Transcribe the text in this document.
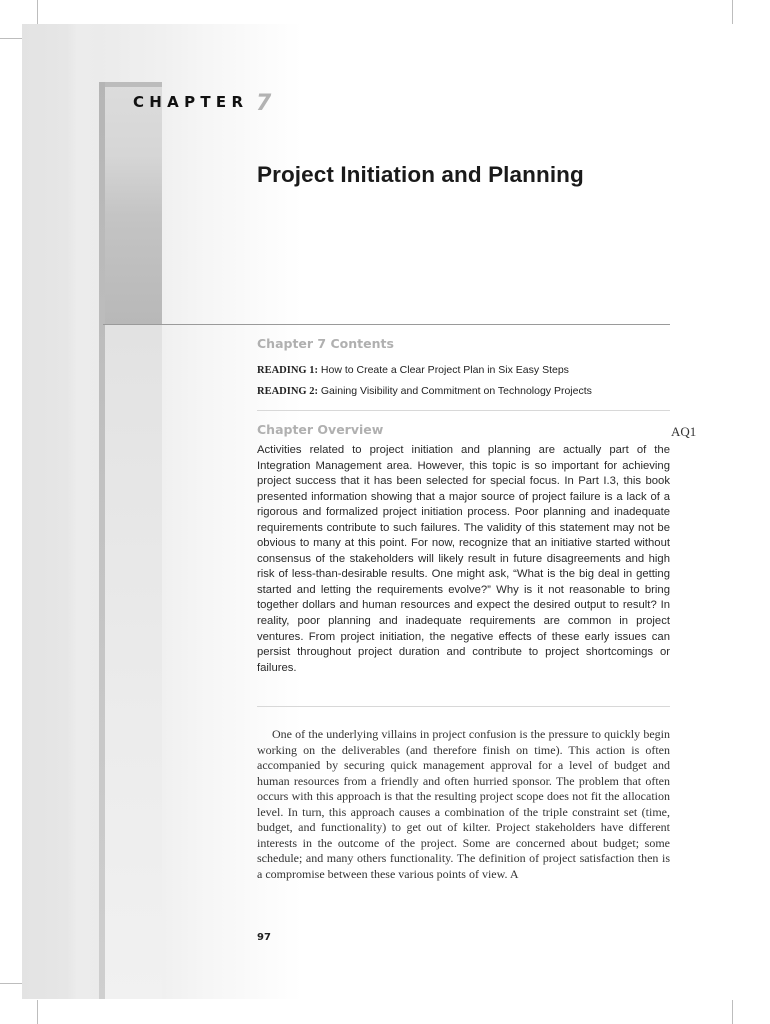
CHAPTER 7
Project Initiation and Planning
Chapter 7 Contents
READING 1: How to Create a Clear Project Plan in Six Easy Steps
READING 2: Gaining Visibility and Commitment on Technology Projects
Chapter Overview	AQ1

Activities related to project initiation and planning are actually part of the Integration Management area. However, this topic is so important for achieving project success that it has been selected for special focus. In Part I.3, this book presented information showing that a major source of project failure is a lack of a rigorous and formalized project initiation process. Poor planning and inadequate requirements contribute to such failures. The validity of this statement may not be obvious to many at this point. For now, recognize that an initiative started without consensus of the stakeholders will likely result in future disagreements and high risk of less-than-desirable results. One might ask, “What is the big deal in getting started and letting the requirements evolve?” Why is it not reasonable to bring together dollars and human resources and expect the desired output to result? In reality, poor planning and inadequate requirements are common in project ventures. From project initiation, the negative effects of these early issues can persist throughout project duration and contribute to project shortcomings or failures.

One of the underlying villains in project confusion is the pressure to quickly begin working on the deliverables (and therefore finish on time). This action is often accompanied by securing quick management approval for a level of budget and human resources from a friendly and often hurried sponsor. The problem that often occurs with this approach is that the resulting project scope does not fit the allocation level. In turn, this approach causes a combination of the triple constraint set (time, budget, and functionality) to get out of kilter. Project stakeholders have different interests in the outcome of the project. Some are concerned about budget; some schedule; and many others functionality. The definition of project satisfaction then is a compromise between these various points of view. A

97
